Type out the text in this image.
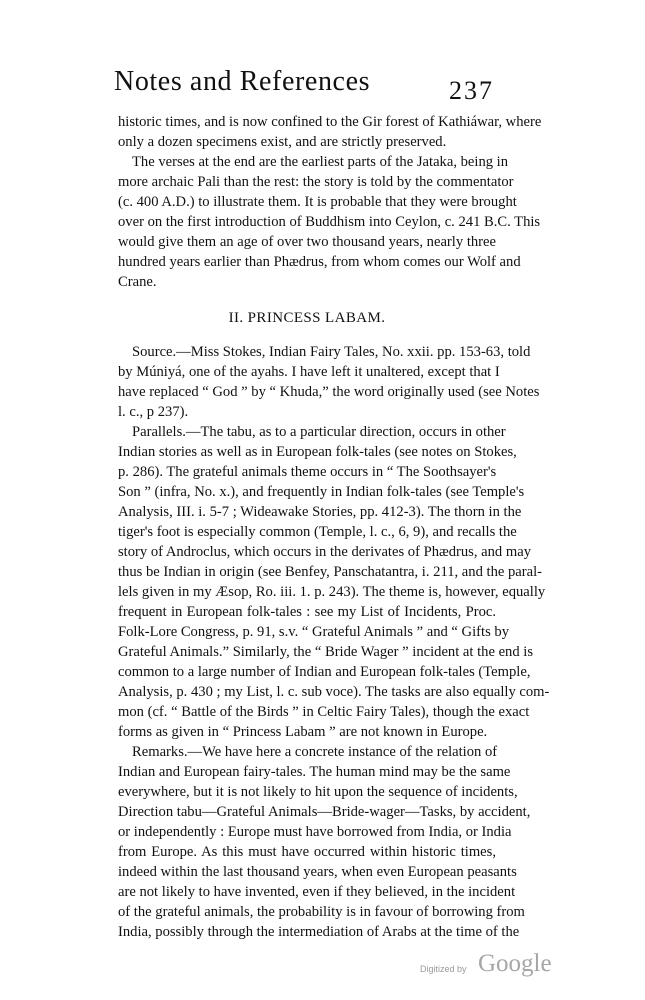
Notes and References	237
historic times, and is now confined to the Gir forest of Kathiáwar, where
only a dozen specimens exist, and are strictly preserved.
The verses at the end are the earliest parts of the Jataka, being in
more archaic Pali than the rest: the story is told by the commentator
(c. 400 A.D.) to illustrate them. It is probable that they were brought
over on the first introduction of Buddhism into Ceylon, c. 241 B.C. This
would give them an age of over two thousand years, nearly three
hundred years earlier than Phædrus, from whom comes our Wolf and
Crane.
II. PRINCESS LABAM.
Source.—Miss Stokes, Indian Fairy Tales, No. xxii. pp. 153-63, told
by Múniyá, one of the ayahs. I have left it unaltered, except that I
have replaced “ God ” by “ Khuda,” the word originally used (see Notes
l. c., p 237).
Parallels.—The tabu, as to a particular direction, occurs in other
Indian stories as well as in European folk-tales (see notes on Stokes,
p. 286). The grateful animals theme occurs in “ The Soothsayer's
Son ” (infra, No. x.), and frequently in Indian folk-tales (see Temple's
Analysis, III. i. 5-7 ; Wideawake Stories, pp. 412-3). The thorn in the
tiger's foot is especially common (Temple, l. c., 6, 9), and recalls the
story of Androclus, which occurs in the derivates of Phædrus, and may
thus be Indian in origin (see Benfey, Panschatantra, i. 211, and the paral-
lels given in my Æsop, Ro. iii. 1. p. 243). The theme is, however, equally
frequent in European folk-tales : see my List of Incidents, Proc.
Folk-Lore Congress, p. 91, s.v. “ Grateful Animals ” and “ Gifts by
Grateful Animals.” Similarly, the “ Bride Wager ” incident at the end is
common to a large number of Indian and European folk-tales (Temple,
Analysis, p. 430 ; my List, l. c. sub voce). The tasks are also equally com-
mon (cf. “ Battle of the Birds ” in Celtic Fairy Tales), though the exact
forms as given in “ Princess Labam ” are not known in Europe.
Remarks.—We have here a concrete instance of the relation of
Indian and European fairy-tales. The human mind may be the same
everywhere, but it is not likely to hit upon the sequence of incidents,
Direction tabu—Grateful Animals—Bride-wager—Tasks, by accident,
or independently : Europe must have borrowed from India, or India
from Europe. As this must have occurred within historic times,
indeed within the last thousand years, when even European peasants
are not likely to have invented, even if they believed, in the incident
of the grateful animals, the probability is in favour of borrowing from
India, possibly through the intermediation of Arabs at the time of the
Digitized by Google
